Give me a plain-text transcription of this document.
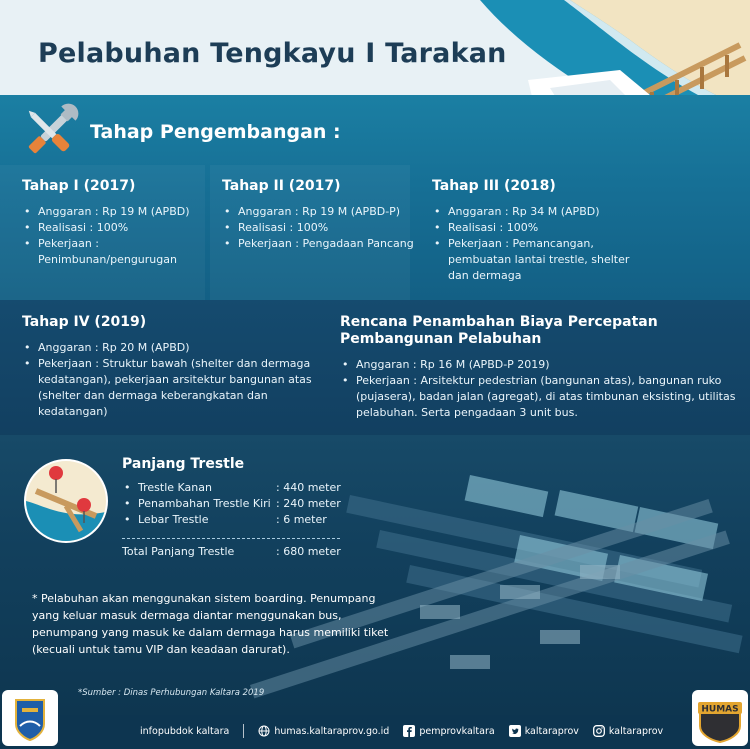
Pelabuhan Tengkayu I Tarakan
Tahap Pengembangan :
Tahap I (2017)
• Anggaran : Rp 19 M (APBD)
• Realisasi : 100%
• Pekerjaan : Penimbunan/pengurugan
Tahap II (2017)
• Anggaran : Rp 19 M (APBD-P)
• Realisasi : 100%
• Pekerjaan : Pengadaan Pancang
Tahap III (2018)
• Anggaran : Rp 34 M (APBD)
• Realisasi : 100%
• Pekerjaan : Pemancangan, pembuatan lantai trestle, shelter dan dermaga
Tahap IV (2019)
• Anggaran : Rp 20 M (APBD)
• Pekerjaan : Struktur bawah (shelter dan dermaga kedatangan), pekerjaan arsitektur bangunan atas (shelter dan dermaga keberangkatan dan kedatangan)
Rencana Penambahan Biaya Percepatan Pembangunan Pelabuhan
• Anggaran : Rp 16 M (APBD-P 2019)
• Pekerjaan : Arsitektur pedestrian (bangunan atas), bangunan ruko (pujasera), badan jalan (agregat), di atas timbunan eksisting, utilitas pelabuhan. Serta pengadaan 3 unit bus.
Panjang Trestle
• Trestle Kanan	: 440 meter
• Penambahan Trestle Kiri : 240 meter
• Lebar Trestle	: 6 meter
Total Panjang Trestle	: 680 meter
* Pelabuhan akan menggunakan sistem boarding. Penumpang yang keluar masuk dermaga diantar menggunakan bus, penumpang yang masuk ke dalam dermaga harus memiliki tiket (kecuali untuk tamu VIP dan keadaan darurat).
*Sumber : Dinas Perhubungan Kaltara 2019
HUMAS
infopubdok kaltara	humas.kaltaraprov.go.id	pemprovkaltara	kaltaraprov	kaltaraprov
